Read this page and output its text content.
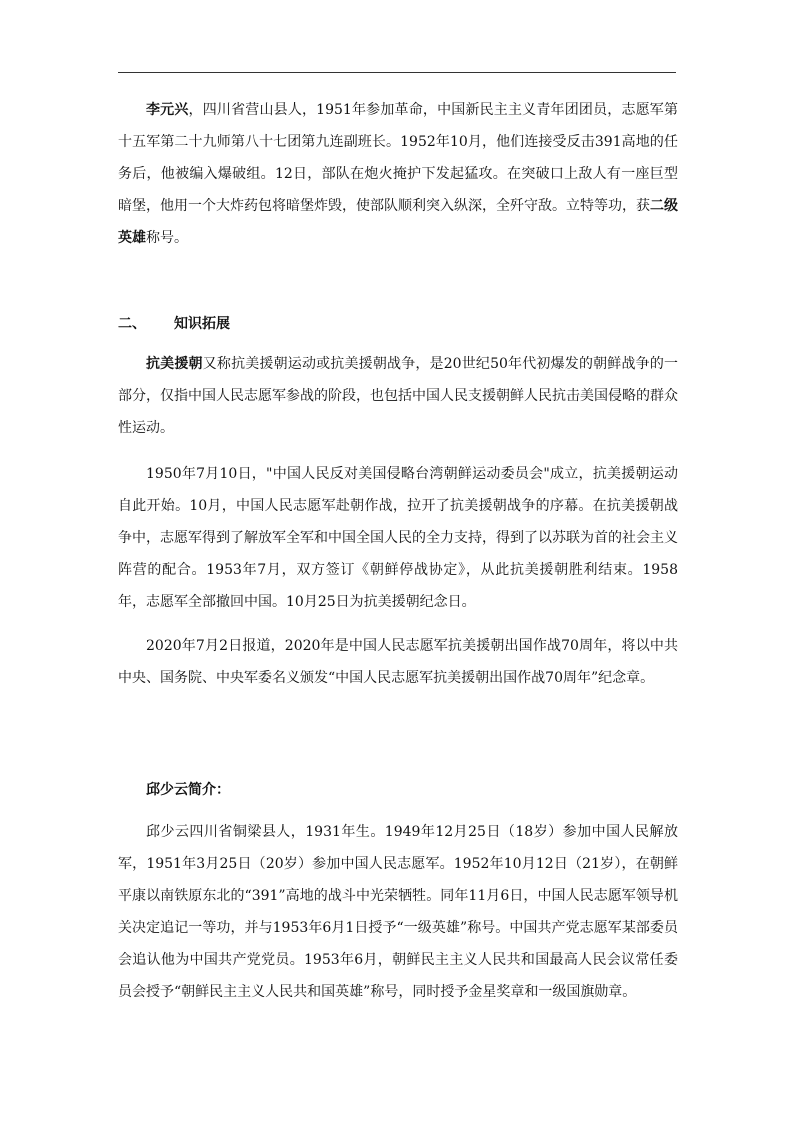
李元兴，四川省营山县人，1951年参加革命，中国新民主主义青年团团员，志愿军第十五军第二十九师第八十七团第九连副班长。1952年10月，他们连接受反击391高地的任务后，他被编入爆破组。12日，部队在炮火掩护下发起猛攻。在突破口上敌人有一座巨型暗堡，他用一个大炸药包将暗堡炸毁，使部队顺利突入纵深，全歼守敌。立特等功，获二级英雄称号。

二、 知识拓展

抗美援朝又称抗美援朝运动或抗美援朝战争，是20世纪50年代初爆发的朝鲜战争的一部分，仅指中国人民志愿军参战的阶段，也包括中国人民支援朝鲜人民抗击美国侵略的群众性运动。

1950年7月10日，"中国人民反对美国侵略台湾朝鲜运动委员会"成立，抗美援朝运动自此开始。10月，中国人民志愿军赴朝作战，拉开了抗美援朝战争的序幕。在抗美援朝战争中，志愿军得到了解放军全军和中国全国人民的全力支持，得到了以苏联为首的社会主义阵营的配合。1953年7月，双方签订《朝鲜停战协定》，从此抗美援朝胜利结束。1958年，志愿军全部撤回中国。10月25日为抗美援朝纪念日。

2020年7月2日报道，2020年是中国人民志愿军抗美援朝出国作战70周年，将以中共中央、国务院、中央军委名义颁发“中国人民志愿军抗美援朝出国作战70周年”纪念章。

邱少云简介：

邱少云四川省铜梁县人，1931年生。1949年12月25日（18岁）参加中国人民解放军，1951年3月25日（20岁）参加中国人民志愿军。1952年10月12日（21岁），在朝鲜平康以南铁原东北的“391”高地的战斗中光荣牺牲。同年11月6日，中国人民志愿军领导机关决定追记一等功，并与1953年6月1日授予“一级英雄”称号。中国共产党志愿军某部委员会追认他为中国共产党党员。1953年6月，朝鲜民主主义人民共和国最高人民会议常任委员会授予“朝鲜民主主义人民共和国英雄”称号，同时授予金星奖章和一级国旗勋章。
